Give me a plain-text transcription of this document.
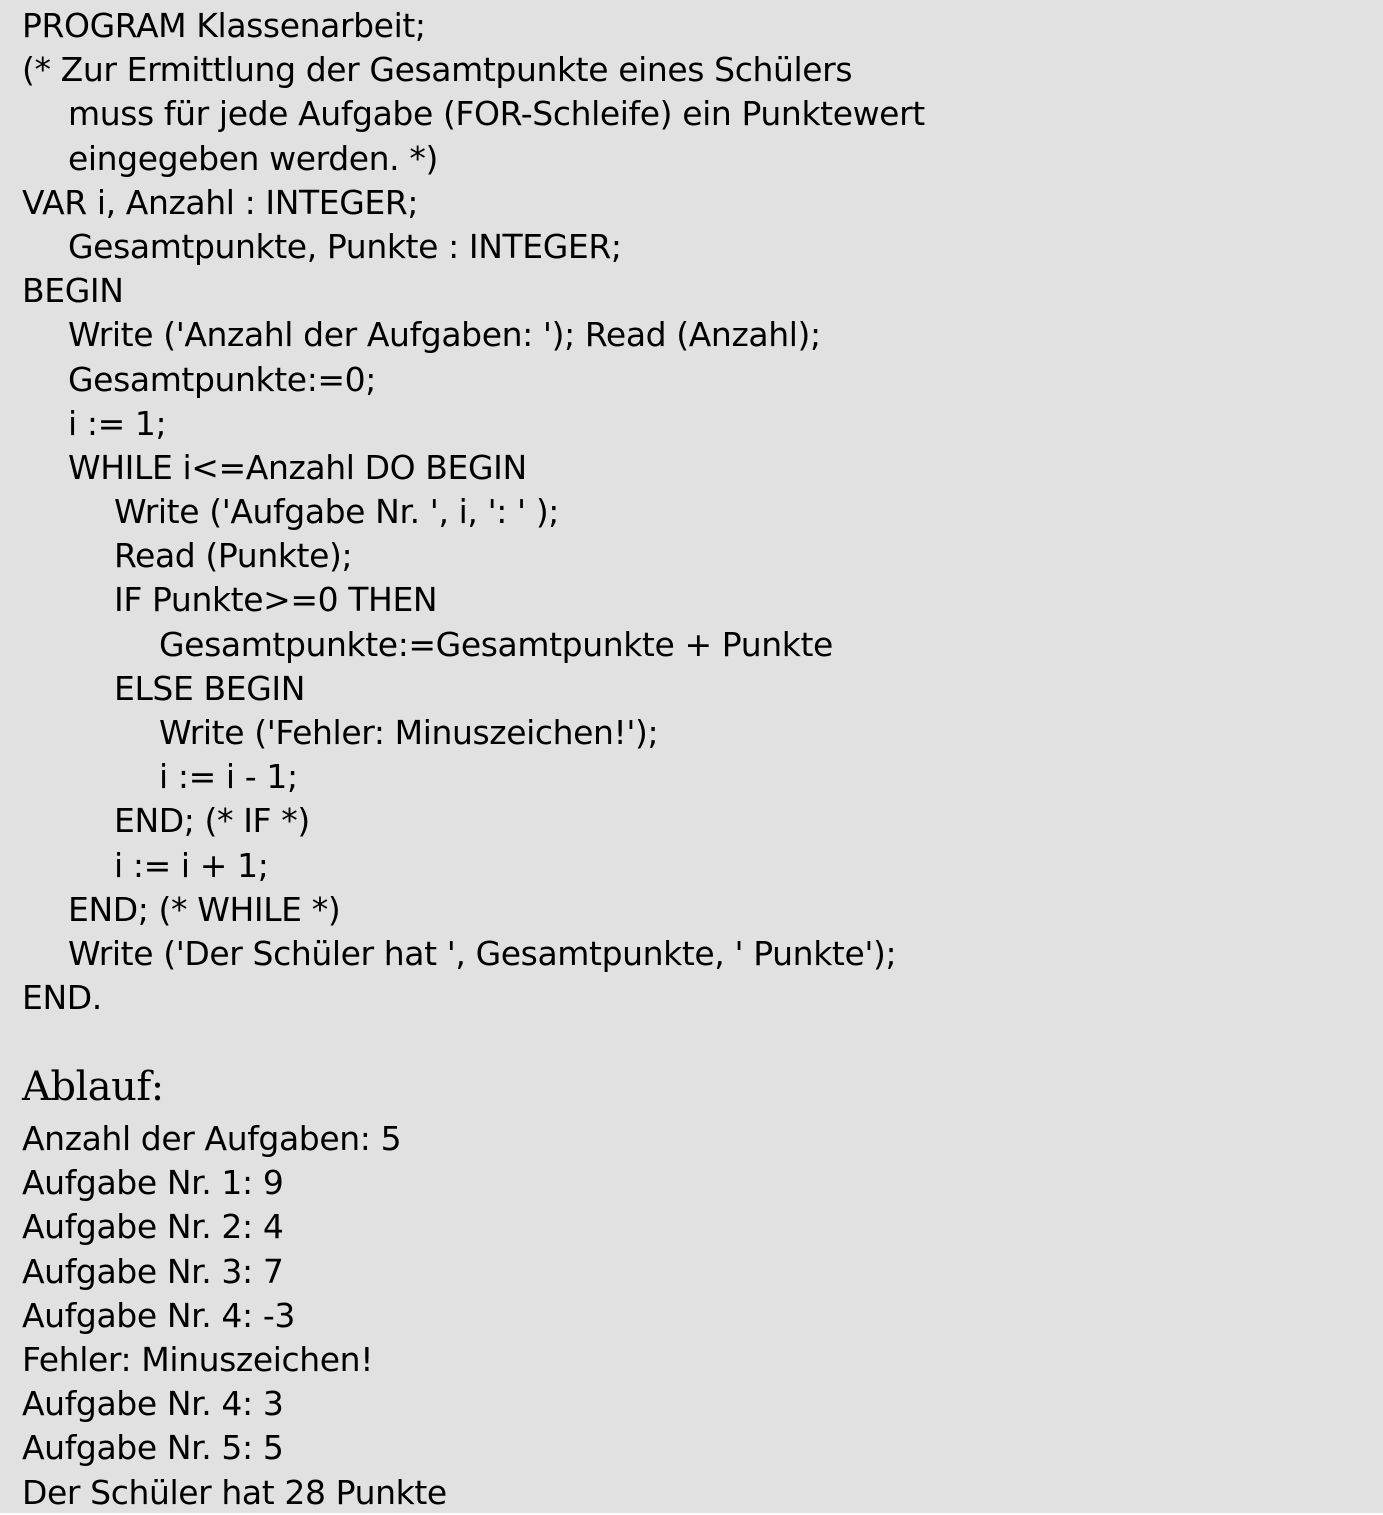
PROGRAM Klassenarbeit;
(* Zur Ermittlung der Gesamtpunkte eines Schülers
muss für jede Aufgabe (FOR-Schleife) ein Punktewert
eingegeben werden. *)
VAR i, Anzahl : INTEGER;
Gesamtpunkte, Punkte : INTEGER;
BEGIN
Write ('Anzahl der Aufgaben: '); Read (Anzahl);
Gesamtpunkte:=0;
i := 1;
WHILE i<=Anzahl DO BEGIN
Write ('Aufgabe Nr. ', i, ': ' );
Read (Punkte);
IF Punkte>=0 THEN
Gesamtpunkte:=Gesamtpunkte + Punkte
ELSE BEGIN
Write ('Fehler: Minuszeichen!');
i := i - 1;
END; (* IF *)
i := i + 1;
END; (* WHILE *)
Write ('Der Schüler hat ', Gesamtpunkte, ' Punkte');
END.
Ablauf:
Anzahl der Aufgaben: 5
Aufgabe Nr. 1: 9
Aufgabe Nr. 2: 4
Aufgabe Nr. 3: 7
Aufgabe Nr. 4: -3
Fehler: Minuszeichen!
Aufgabe Nr. 4: 3
Aufgabe Nr. 5: 5
Der Schüler hat 28 Punkte
